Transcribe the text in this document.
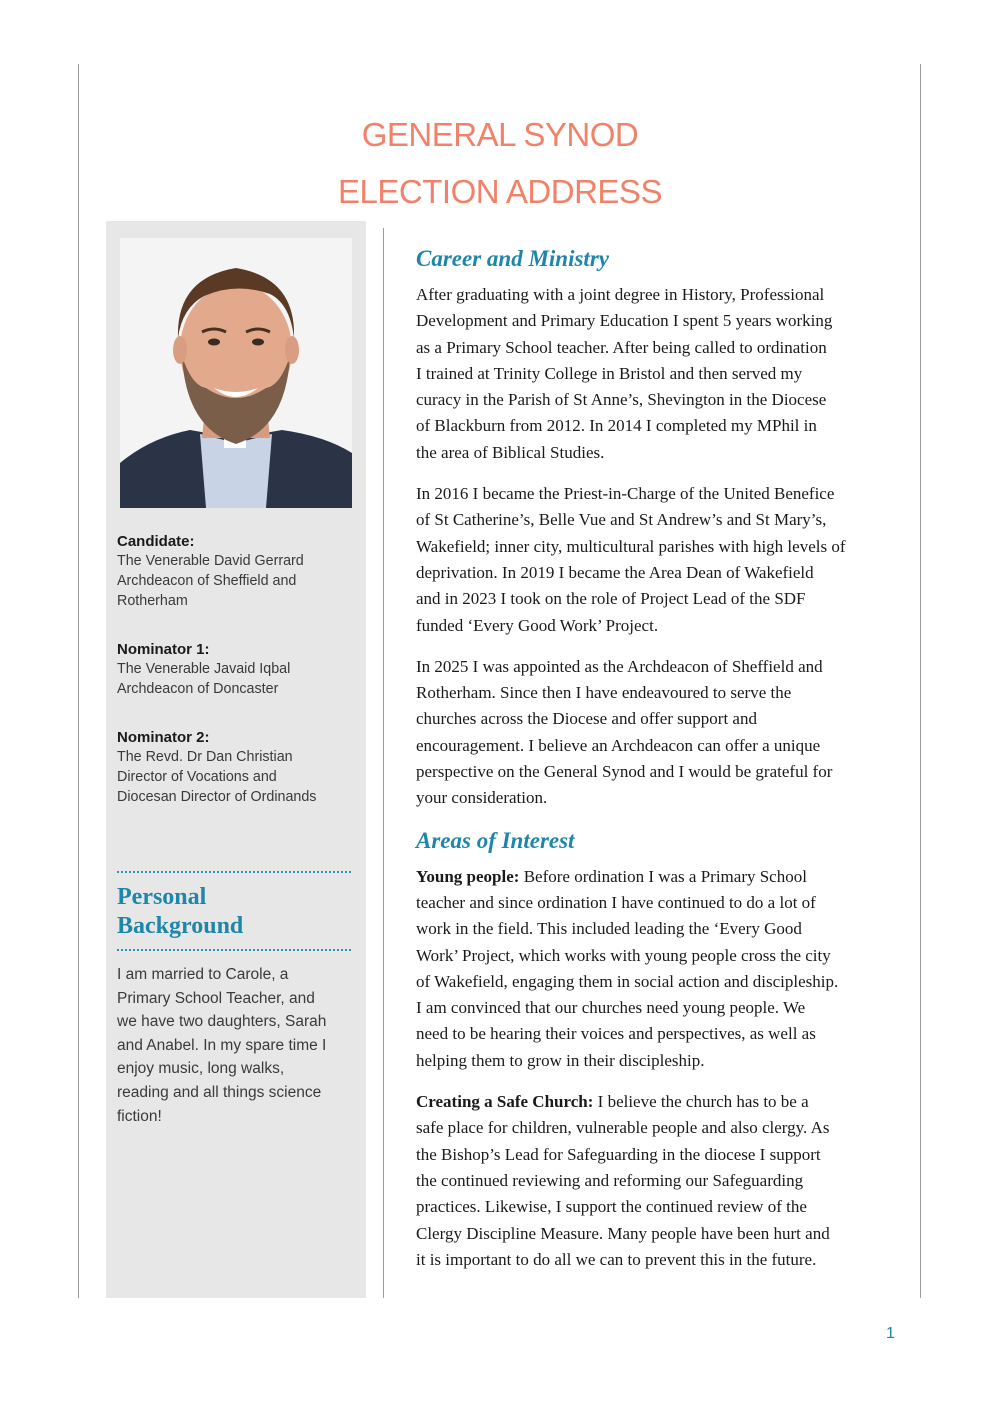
GENERAL SYNOD
ELECTION ADDRESS
Candidate:
The Venerable David Gerrard
Archdeacon of Sheffield and
Rotherham
Nominator 1:
The Venerable Javaid Iqbal
Archdeacon of Doncaster
Nominator 2:
The Revd. Dr Dan Christian
Director of Vocations and
Diocesan Director of Ordinands
Personal
Background
I am married to Carole, a
Primary School Teacher, and
we have two daughters, Sarah
and Anabel. In my spare time I
enjoy music, long walks,
reading and all things science
fiction!
Career and Ministry
After graduating with a joint degree in History, Professional
Development and Primary Education I spent 5 years working
as a Primary School teacher. After being called to ordination
I trained at Trinity College in Bristol and then served my
curacy in the Parish of St Anne’s, Shevington in the Diocese
of Blackburn from 2012. In 2014 I completed my MPhil in
the area of Biblical Studies.
In 2016 I became the Priest-in-Charge of the United Benefice
of St Catherine’s, Belle Vue and St Andrew’s and St Mary’s,
Wakefield; inner city, multicultural parishes with high levels of
deprivation. In 2019 I became the Area Dean of Wakefield
and in 2023 I took on the role of Project Lead of the SDF
funded ‘Every Good Work’ Project.
In 2025 I was appointed as the Archdeacon of Sheffield and
Rotherham. Since then I have endeavoured to serve the
churches across the Diocese and offer support and
encouragement. I believe an Archdeacon can offer a unique
perspective on the General Synod and I would be grateful for
your consideration.
Areas of Interest
Young people: Before ordination I was a Primary School
teacher and since ordination I have continued to do a lot of
work in the field. This included leading the ‘Every Good
Work’ Project, which works with young people cross the city
of Wakefield, engaging them in social action and discipleship.
I am convinced that our churches need young people. We
need to be hearing their voices and perspectives, as well as
helping them to grow in their discipleship.
Creating a Safe Church: I believe the church has to be a
safe place for children, vulnerable people and also clergy. As
the Bishop’s Lead for Safeguarding in the diocese I support
the continued reviewing and reforming our Safeguarding
practices. Likewise, I support the continued review of the
Clergy Discipline Measure. Many people have been hurt and
it is important to do all we can to prevent this in the future.
1
